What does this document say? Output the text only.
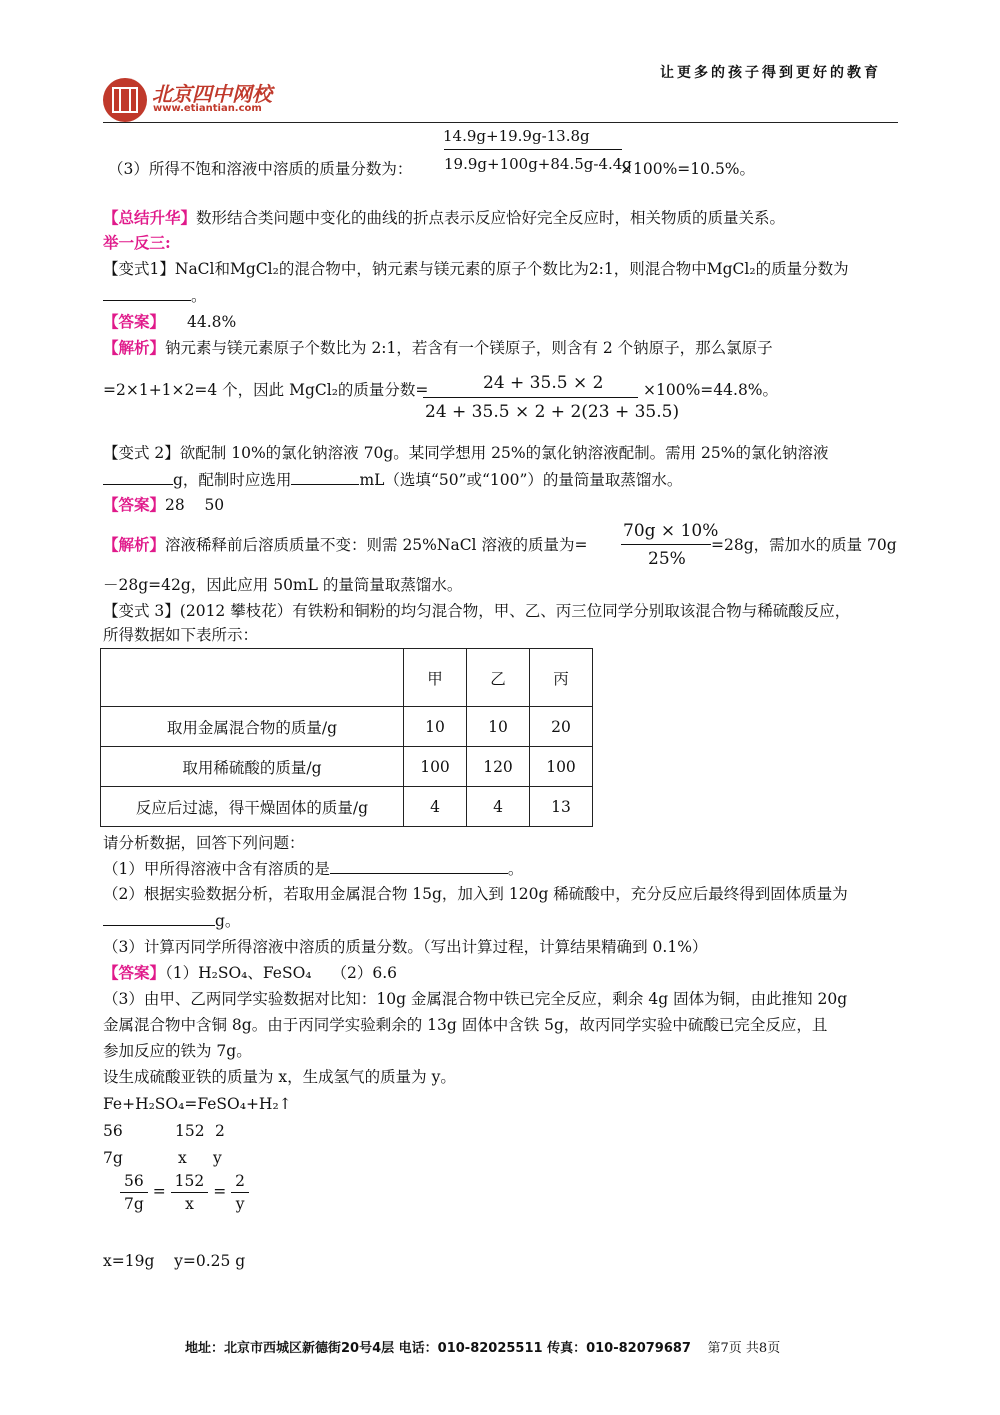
让更多的孩子得到更好的教育
北京四中网校
www.etiantian.com
（3）所得不饱和溶液中溶质的质量分数为：
14.9g+19.9g-13.8g
19.9g+100g+84.5g-4.4g
×100%=10.5%。
【总结升华】数形结合类问题中变化的曲线的折点表示反应恰好完全反应时，相关物质的质量关系。
举一反三:
【变式1】NaCl和MgCl₂的混合物中，钠元素与镁元素的原子个数比为2:1，则混合物中MgCl₂的质量分数为
。
【答案】 44.8%
【解析】钠元素与镁元素原子个数比为 2:1，若含有一个镁原子，则含有 2 个钠原子，那么氯原子
=2×1+1×2=4 个，因此 MgCl₂的质量分数=	24 + 35.5 × 2
24 + 35.5 × 2 + 2(23 + 35.5)
×100%=44.8%。
【变式 2】欲配制 10%的氯化钠溶液 70g。某同学想用 25%的氯化钠溶液配制。需用 25%的氯化钠溶液
g，配制时应选用	mL（选填“50”或“100”）的量筒量取蒸馏水。
【答案】28    50
【解析】溶液稀释前后溶质质量不变：则需 25%NaCl 溶液的质量为=
70g × 10%
25%
=28g，需加水的质量 70g
－28g=42g，因此应用 50mL 的量筒量取蒸馏水。
【变式 3】(2012 攀枝花）有铁粉和铜粉的均匀混合物，甲、乙、丙三位同学分别取该混合物与稀硫酸反应，
所得数据如下表所示：
	甲	乙	丙
取用金属混合物的质量/g	10	10	20
取用稀硫酸的质量/g	100	120	100
反应后过滤，得干燥固体的质量/g	4	4	13
请分析数据，回答下列问题：
（1）甲所得溶液中含有溶质的是	。
（2）根据实验数据分析，若取用金属混合物 15g，加入到 120g 稀硫酸中，充分反应后最终得到固体质量为
g。
（3）计算丙同学所得溶液中溶质的质量分数。（写出计算过程，计算结果精确到 0.1%）
【答案】（1）H₂SO₄、FeSO₄ （2）6.6
（3）由甲、乙两同学实验数据对比知：10g 金属混合物中铁已完全反应，剩余 4g 固体为铜，由此推知 20g
金属混合物中含铜 8g。由于丙同学实验剩余的 13g 固体中含铁 5g，故丙同学实验中硫酸已完全反应，且
参加反应的铁为 7g。
设生成硫酸亚铁的质量为 x，生成氢气的质量为 y。
Fe+H₂SO₄=FeSO₄+H₂↑
56	152 2
7g	x y
$\frac{56}{7g} = \frac{152}{x} = \frac{2}{y}$
x=19g    y=0.25 g
地址：北京市西城区新德街20号4层 电话：010-82025511 传真：010-82079687 第7页 共8页
